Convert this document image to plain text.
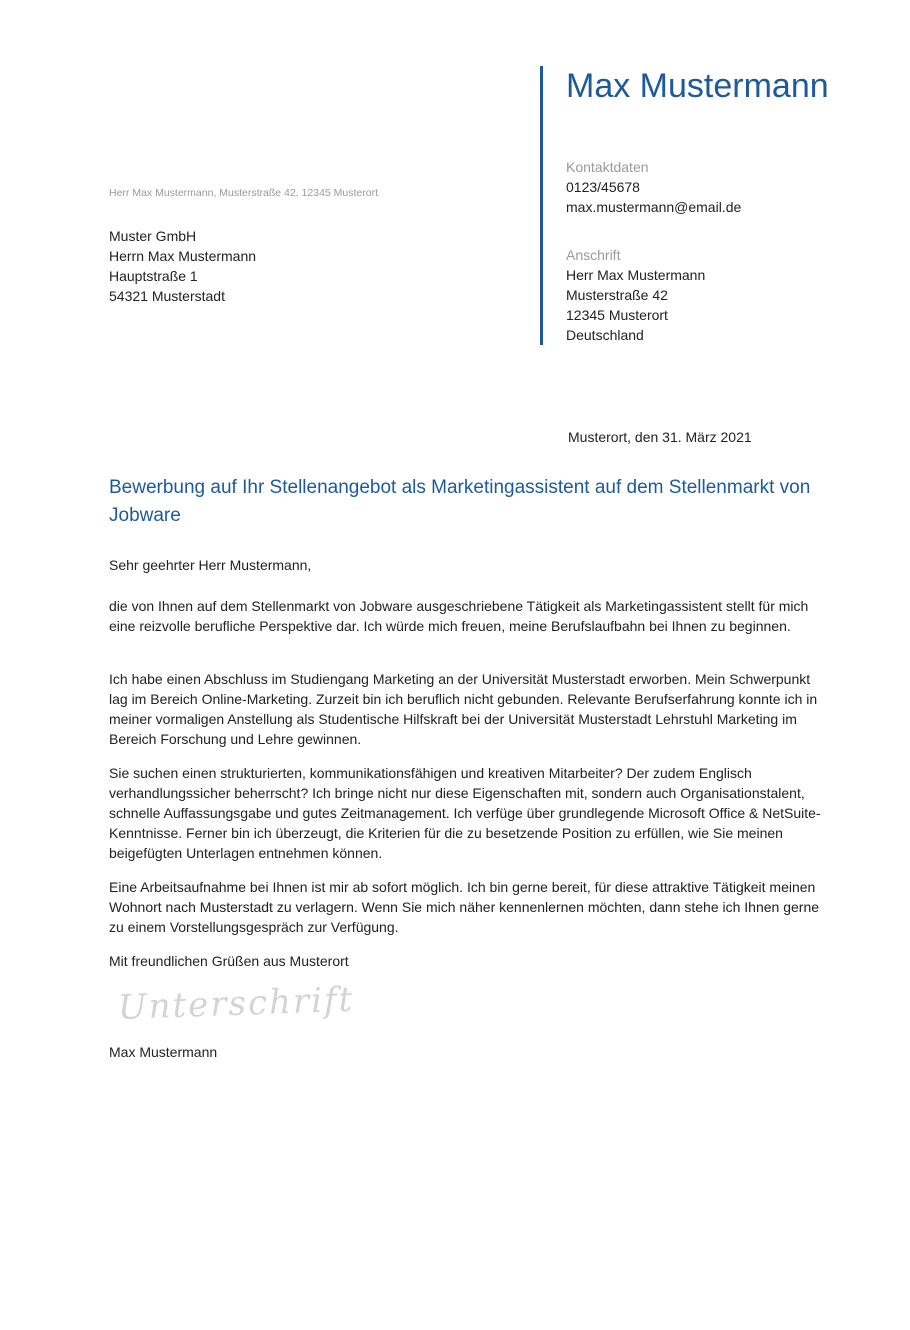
Max Mustermann
Kontaktdaten
0123/45678
max.mustermann@email.de
Anschrift
Herr Max Mustermann
Musterstraße 42
12345 Musterort
Deutschland
Herr Max Mustermann, Musterstraße 42, 12345 Musterort
Muster GmbH
Herrn Max Mustermann
Hauptstraße 1
54321 Musterstadt
Musterort, den 31. März 2021
Bewerbung auf Ihr Stellenangebot als Marketingassistent auf dem Stellenmarkt von Jobware
Sehr geehrter Herr Mustermann,
die von Ihnen auf dem Stellenmarkt von Jobware ausgeschriebene Tätigkeit als Marketingassistent stellt für mich eine reizvolle berufliche Perspektive dar. Ich würde mich freuen, meine Berufslaufbahn bei Ihnen zu beginnen.
Ich habe einen Abschluss im Studiengang Marketing an der Universität Musterstadt erworben. Mein Schwerpunkt lag im Bereich Online-Marketing. Zurzeit bin ich beruflich nicht gebunden. Relevante Berufserfahrung konnte ich in meiner vormaligen Anstellung als Studentische Hilfskraft bei der Universität Musterstadt Lehrstuhl Marketing im Bereich Forschung und Lehre gewinnen.
Sie suchen einen strukturierten, kommunikationsfähigen und kreativen Mitarbeiter? Der zudem Englisch verhandlungssicher beherrscht? Ich bringe nicht nur diese Eigenschaften mit, sondern auch Organisationstalent, schnelle Auffassungsgabe und gutes Zeitmanagement. Ich verfüge über grundlegende Microsoft Office & NetSuite-Kenntnisse. Ferner bin ich überzeugt, die Kriterien für die zu besetzende Position zu erfüllen, wie Sie meinen beigefügten Unterlagen entnehmen können.
Eine Arbeitsaufnahme bei Ihnen ist mir ab sofort möglich. Ich bin gerne bereit, für diese attraktive Tätigkeit meinen Wohnort nach Musterstadt zu verlagern. Wenn Sie mich näher kennenlernen möchten, dann stehe ich Ihnen gerne zu einem Vorstellungsgespräch zur Verfügung.
Mit freundlichen Grüßen aus Musterort
Unterschrift
Max Mustermann
